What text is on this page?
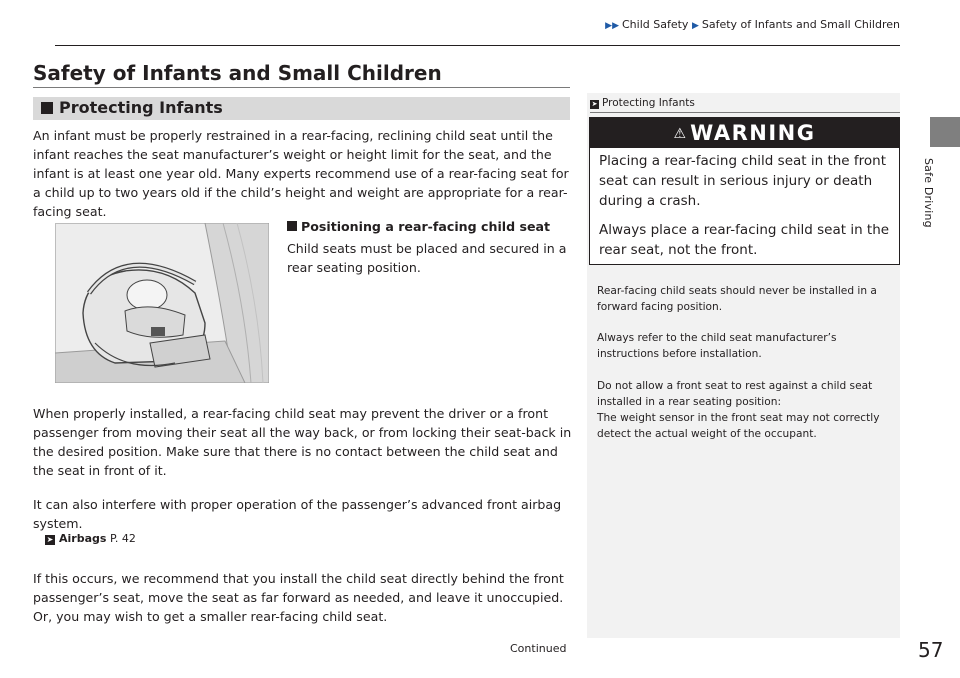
▶▶ Child Safety ▶ Safety of Infants and Small Children
Safe Driving
Safety of Infants and Small Children
Protecting Infants
An infant must be properly restrained in a rear-facing, reclining child seat until the infant reaches the seat manufacturer’s weight or height limit for the seat, and the infant is at least one year old. Many experts recommend use of a rear-facing seat for a child up to two years old if the child’s height and weight are appropriate for a rear-facing seat.
Positioning a rear-facing child seat
Child seats must be placed and secured in a rear seating position.
When properly installed, a rear-facing child seat may prevent the driver or a front passenger from moving their seat all the way back, or from locking their seat-back in the desired position. Make sure that there is no contact between the child seat and the seat in front of it.
It can also interfere with proper operation of the passenger’s advanced front airbag system.
➤ Airbags P. 42
If this occurs, we recommend that you install the child seat directly behind the front passenger’s seat, move the seat as far forward as needed, and leave it unoccupied. Or, you may wish to get a smaller rear-facing child seat.
Continued	57
➤ Protecting Infants
⚠ WARNING
Placing a rear-facing child seat in the front seat can result in serious injury or death during a crash.
Always place a rear-facing child seat in the rear seat, not the front.
Rear-facing child seats should never be installed in a forward facing position.
Always refer to the child seat manufacturer’s instructions before installation.
Do not allow a front seat to rest against a child seat installed in a rear seating position:
The weight sensor in the front seat may not correctly detect the actual weight of the occupant.
